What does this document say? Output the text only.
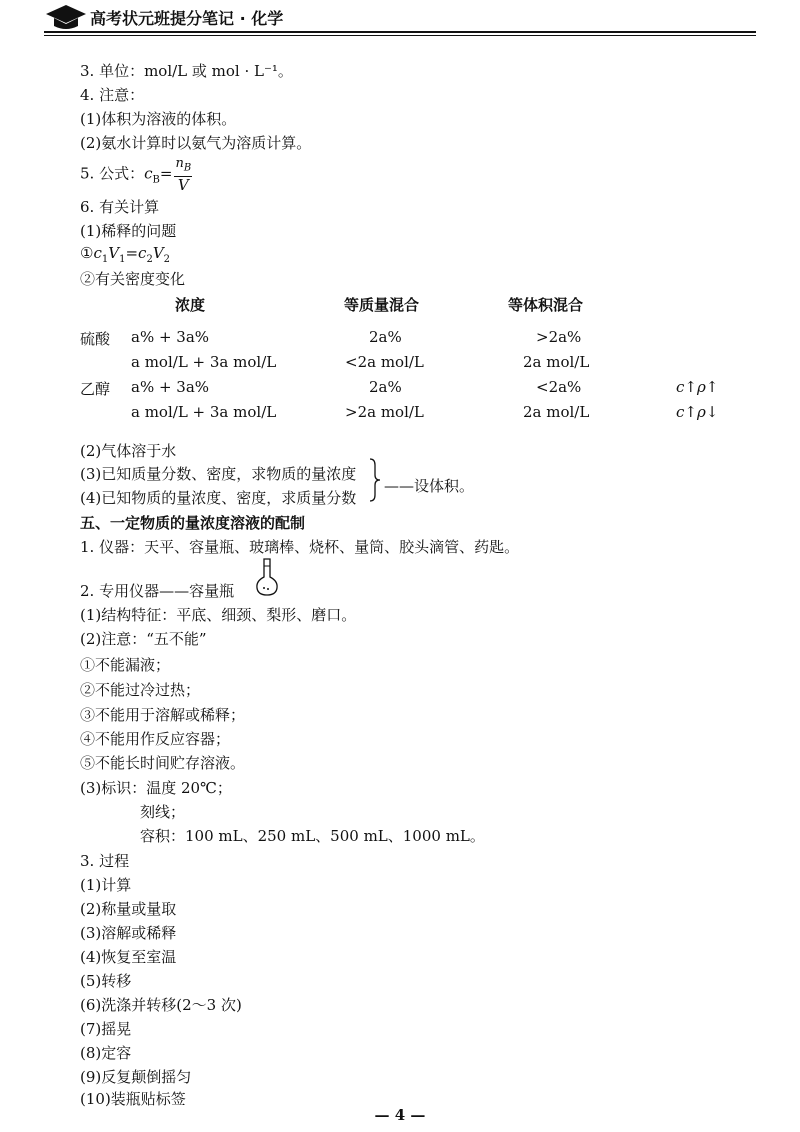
高考状元班提分笔记 · 化学
3. 单位：mol/L 或 mol · L⁻¹。
4. 注意：
(1)体积为溶液的体积。
(2)氨水计算时以氨气为溶质计算。
5. 公式：$c_B= \frac{n_B}{V}$
6. 有关计算
(1)稀释的问题
$①c_1V_1=c_2V_2$
②有关密度变化
浓度	等质量混合	等体积混合
硫酸 a% + 3a%	2a%	>2a%
a mol/L + 3a mol/L	<2a mol/L	2a mol/L
乙醇 a% + 3a%	2a%	<2a%	c↑ρ↑
a mol/L + 3a mol/L	>2a mol/L	2a mol/L	c↑ρ↓
(2)气体溶于水
(3)已知质量分数、密度，求物质的量浓度
(4)已知物质的量浓度、密度，求质量分数
——设体积。
五、一定物质的量浓度溶液的配制
1. 仪器：天平、容量瓶、玻璃棒、烧杯、量筒、胶头滴管、药匙。
2. 专用仪器——容量瓶
(1)结构特征：平底、细颈、梨形、磨口。
(2)注意：“五不能”
①不能漏液；
②不能过冷过热；
③不能用于溶解或稀释；
④不能用作反应容器；
⑤不能长时间贮存溶液。
(3)标识：温度 20℃；
刻线；
容积：100 mL、250 mL、500 mL、1000 mL。
3. 过程
(1)计算
(2)称量或量取
(3)溶解或稀释
(4)恢复至室温
(5)转移
(6)洗涤并转移(2～3 次)
(7)摇晃
(8)定容
(9)反复颠倒摇匀
(10)装瓶贴标签
— 4 —
